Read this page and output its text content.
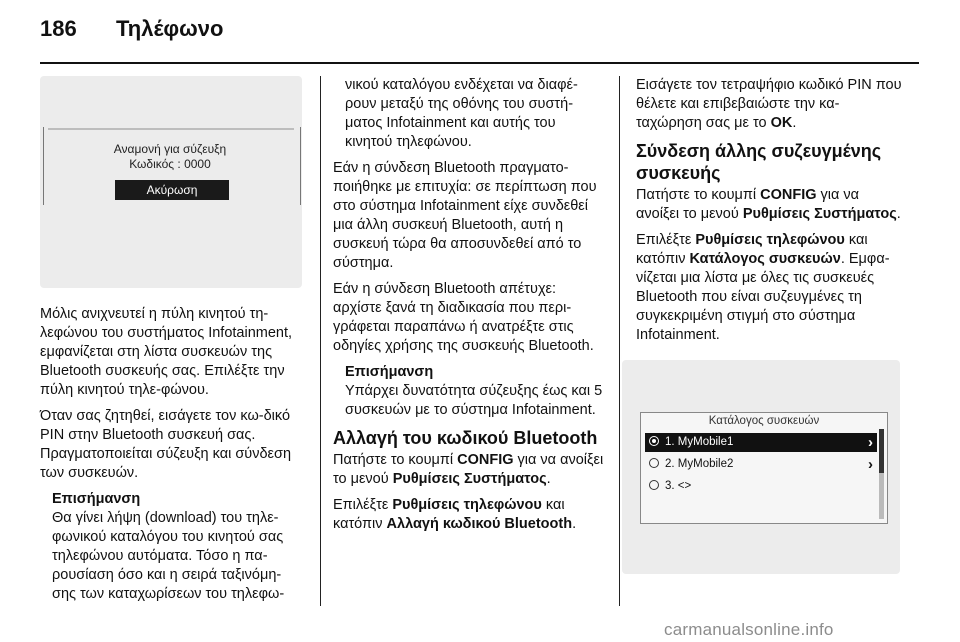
186 Τηλέφωνο
Αναμονή για σύζευξη
Κωδικός : 0000
Ακύρωση

Μόλις ανιχνευτεί η πύλη κινητού τη-λεφώνου του συστήματος Infotainment, εμφανίζεται στη λίστα συσκευών της Bluetooth συσκευής σας. Επιλέξτε την πύλη κινητού τηλε-φώνου.

Όταν σας ζητηθεί, εισάγετε τον κω-δικό PIN στην Bluetooth συσκευή σας. Πραγματοποιείται σύζευξη και σύνδεση των συσκευών.

Επισήμανση
Θα γίνει λήψη (download) του τηλε-φωνικού καταλόγου του κινητού σας τηλεφώνου αυτόματα. Τόσο η πα-ρουσίαση όσο και η σειρά ταξινόμη-σης των καταχωρίσεων του τηλεφω-
νικού καταλόγου ενδέχεται να διαφέ-ρουν μεταξύ της οθόνης του συστή-ματος Infotainment και αυτής του κινητού τηλεφώνου.

Εάν η σύνδεση Bluetooth πραγματο-ποιήθηκε με επιτυχία: σε περίπτωση που στο σύστημα Infotainment είχε συνδεθεί μια άλλη συσκευή Bluetooth, αυτή η συσκευή τώρα θα αποσυνδεθεί από το σύστημα.

Εάν η σύνδεση Bluetooth απέτυχε: αρχίστε ξανά τη διαδικασία που περι-γράφεται παραπάνω ή ανατρέξτε στις οδηγίες χρήσης της συσκευής Bluetooth.

Επισήμανση
Υπάρχει δυνατότητα σύζευξης έως και 5 συσκευών με το σύστημα Infotainment.
Αλλαγή του κωδικού Bluetooth

Πατήστε το κουμπί CONFIG για να ανοίξει το μενού Ρυθμίσεις Συστήματος.

Επιλέξτε Ρυθμίσεις τηλεφώνου και κατόπιν Αλλαγή κωδικού Bluetooth.

Εισάγετε τον τετραψήφιο κωδικό PIN που θέλετε και επιβεβαιώστε την κα-ταχώρηση σας με το OK.

Σύνδεση άλλης συζευγμένης συσκευής

Πατήστε το κουμπί CONFIG για να ανοίξει το μενού Ρυθμίσεις Συστήματος.

Επιλέξτε Ρυθμίσεις τηλεφώνου και κατόπιν Κατάλογος συσκευών. Εμφα-νίζεται μια λίστα με όλες τις συσκευές Bluetooth που είναι συζευγμένες τη συγκεκριμένη στιγμή στο σύστημα Infotainment.

Κατάλογος συσκευών
1. MyMobile1	›
2. MyMobile2	›
3. <>
carmanualsonline.info
